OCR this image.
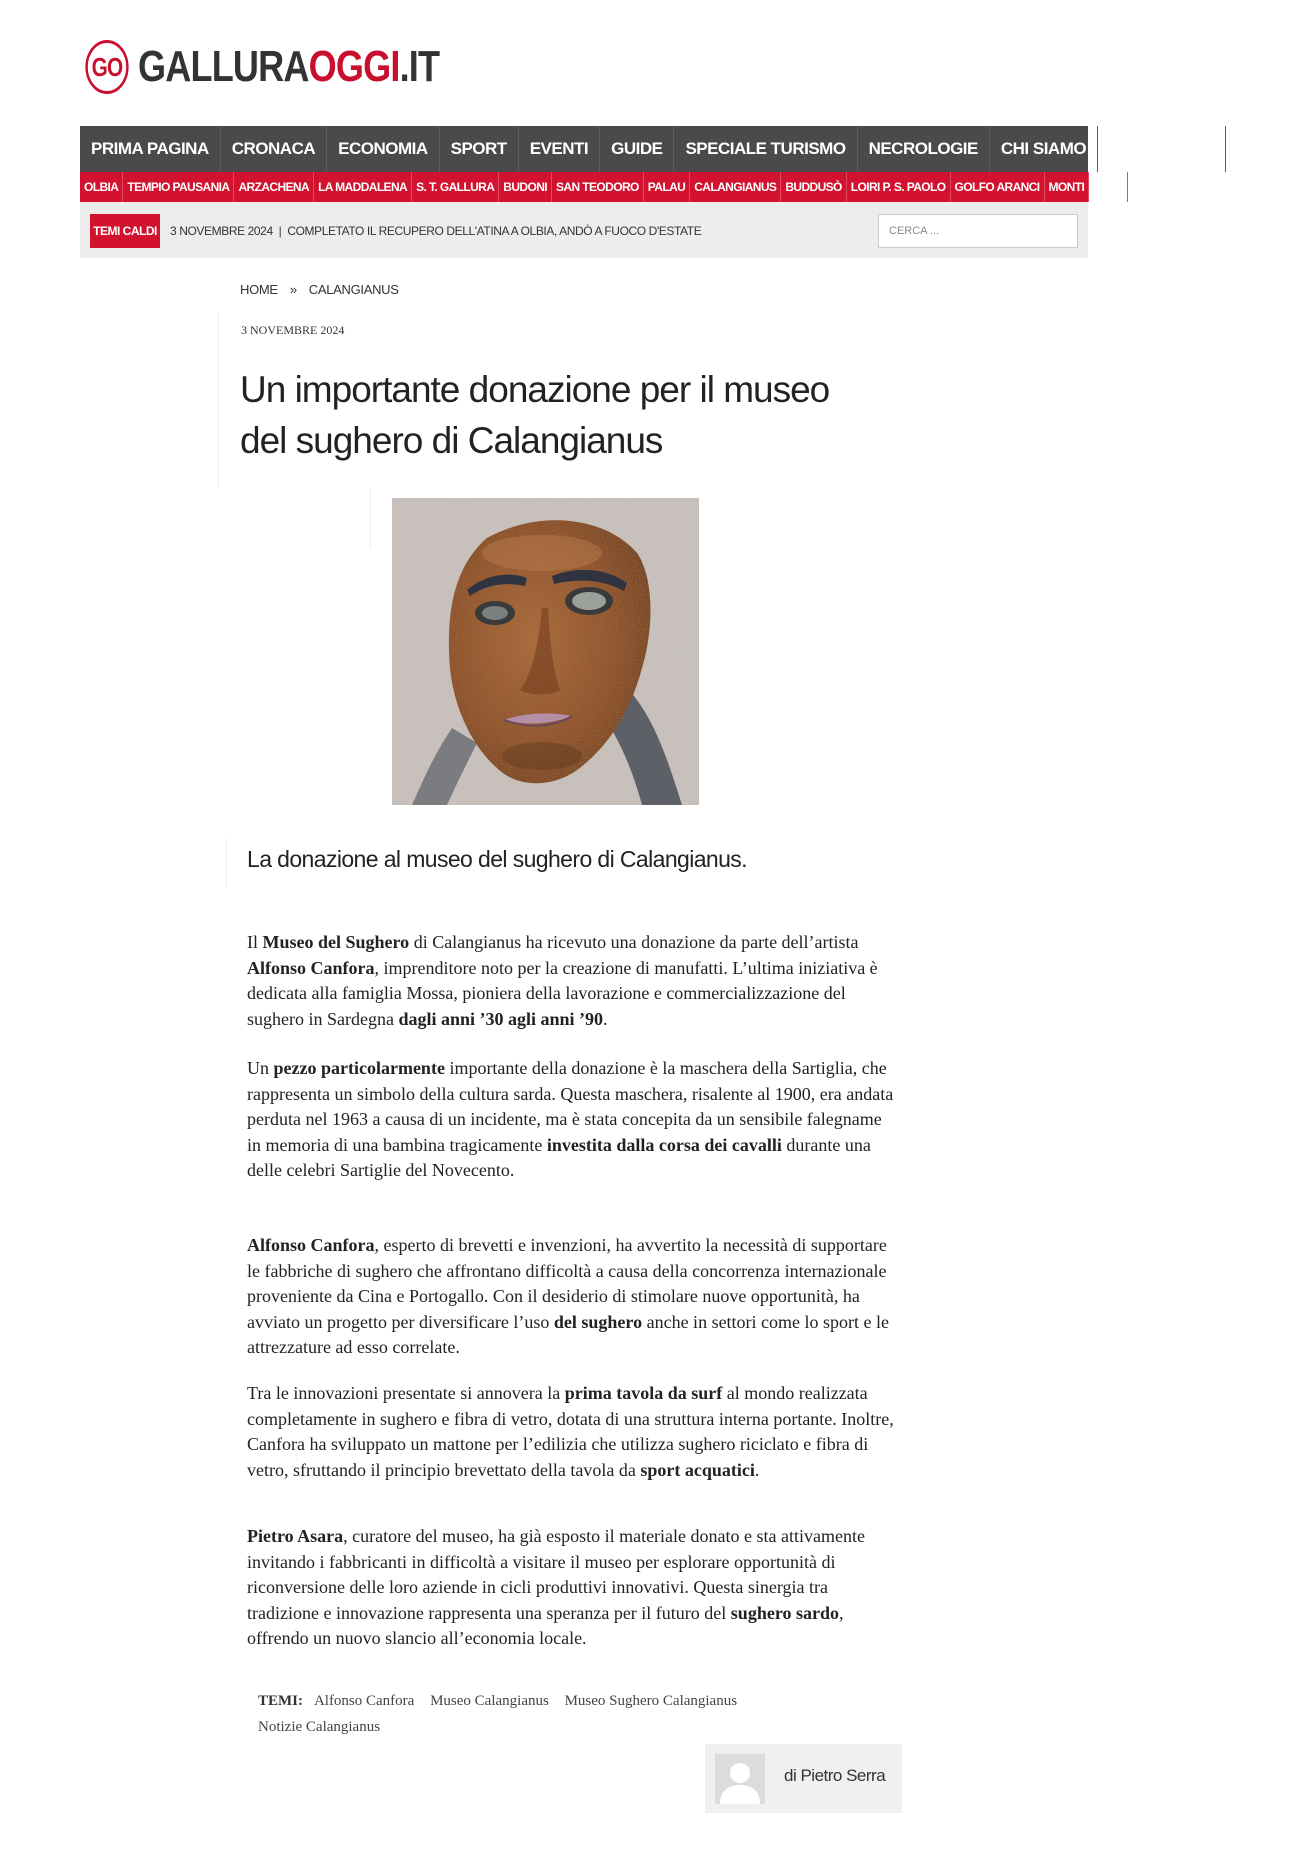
GO GALLURAOGGI.IT
PRIMA PAGINA	CRONACA	ECONOMIA	SPORT	EVENTI	GUIDE	SPECIALE TURISMO	NECROLOGIE	CHI SIAMO	ABBONATI	LOGIN
OLBIA TEMPIO PAUSANIA ARZACHENA LA MADDALENA S. T. GALLURA BUDONI SAN TEODORO PALAU CALANGIANUS BUDDUSÒ LOIRI P. S. PAOLO GOLFO ARANCI MONTI TELTI S. ANTONIO DI G.
TEMI CALDI 3 NOVEMBRE 2024 | COMPLETATO IL RECUPERO DELL'ATINA A OLBIA, ANDÒ A FUOCO D'ESTATE
CERCA ...
HOME » CALANGIANUS
3 NOVEMBRE 2024
Un importante donazione per il museo del sughero di Calangianus
La donazione al museo del sughero di Calangianus.

Il Museo del Sughero di Calangianus ha ricevuto una donazione da parte dell’artista Alfonso Canfora, imprenditore noto per la creazione di manufatti. L’ultima iniziativa è dedicata alla famiglia Mossa, pioniera della lavorazione e commercializzazione del sughero in Sardegna dagli anni ’30 agli anni ’90.

Un pezzo particolarmente importante della donazione è la maschera della Sartiglia, che rappresenta un simbolo della cultura sarda. Questa maschera, risalente al 1900, era andata perduta nel 1963 a causa di un incidente, ma è stata concepita da un sensibile falegname in memoria di una bambina tragicamente investita dalla corsa dei cavalli durante una delle celebri Sartiglie del Novecento.

Alfonso Canfora, esperto di brevetti e invenzioni, ha avvertito la necessità di supportare le fabbriche di sughero che affrontano difficoltà a causa della concorrenza internazionale proveniente da Cina e Portogallo. Con il desiderio di stimolare nuove opportunità, ha avviato un progetto per diversificare l’uso del sughero anche in settori come lo sport e le attrezzature ad esso correlate.

Tra le innovazioni presentate si annovera la prima tavola da surf al mondo realizzata completamente in sughero e fibra di vetro, dotata di una struttura interna portante. Inoltre, Canfora ha sviluppato un mattone per l’edilizia che utilizza sughero riciclato e fibra di vetro, sfruttando il principio brevettato della tavola da sport acquatici.

Pietro Asara, curatore del museo, ha già esposto il materiale donato e sta attivamente invitando i fabbricanti in difficoltà a visitare il museo per esplorare opportunità di riconversione delle loro aziende in cicli produttivi innovativi. Questa sinergia tra tradizione e innovazione rappresenta una speranza per il futuro del sughero sardo, offrendo un nuovo slancio all’economia locale.

TEMI: Alfonso Canfora Museo Calangianus Museo Sughero Calangianus
Notizie Calangianus
di Pietro Serra
